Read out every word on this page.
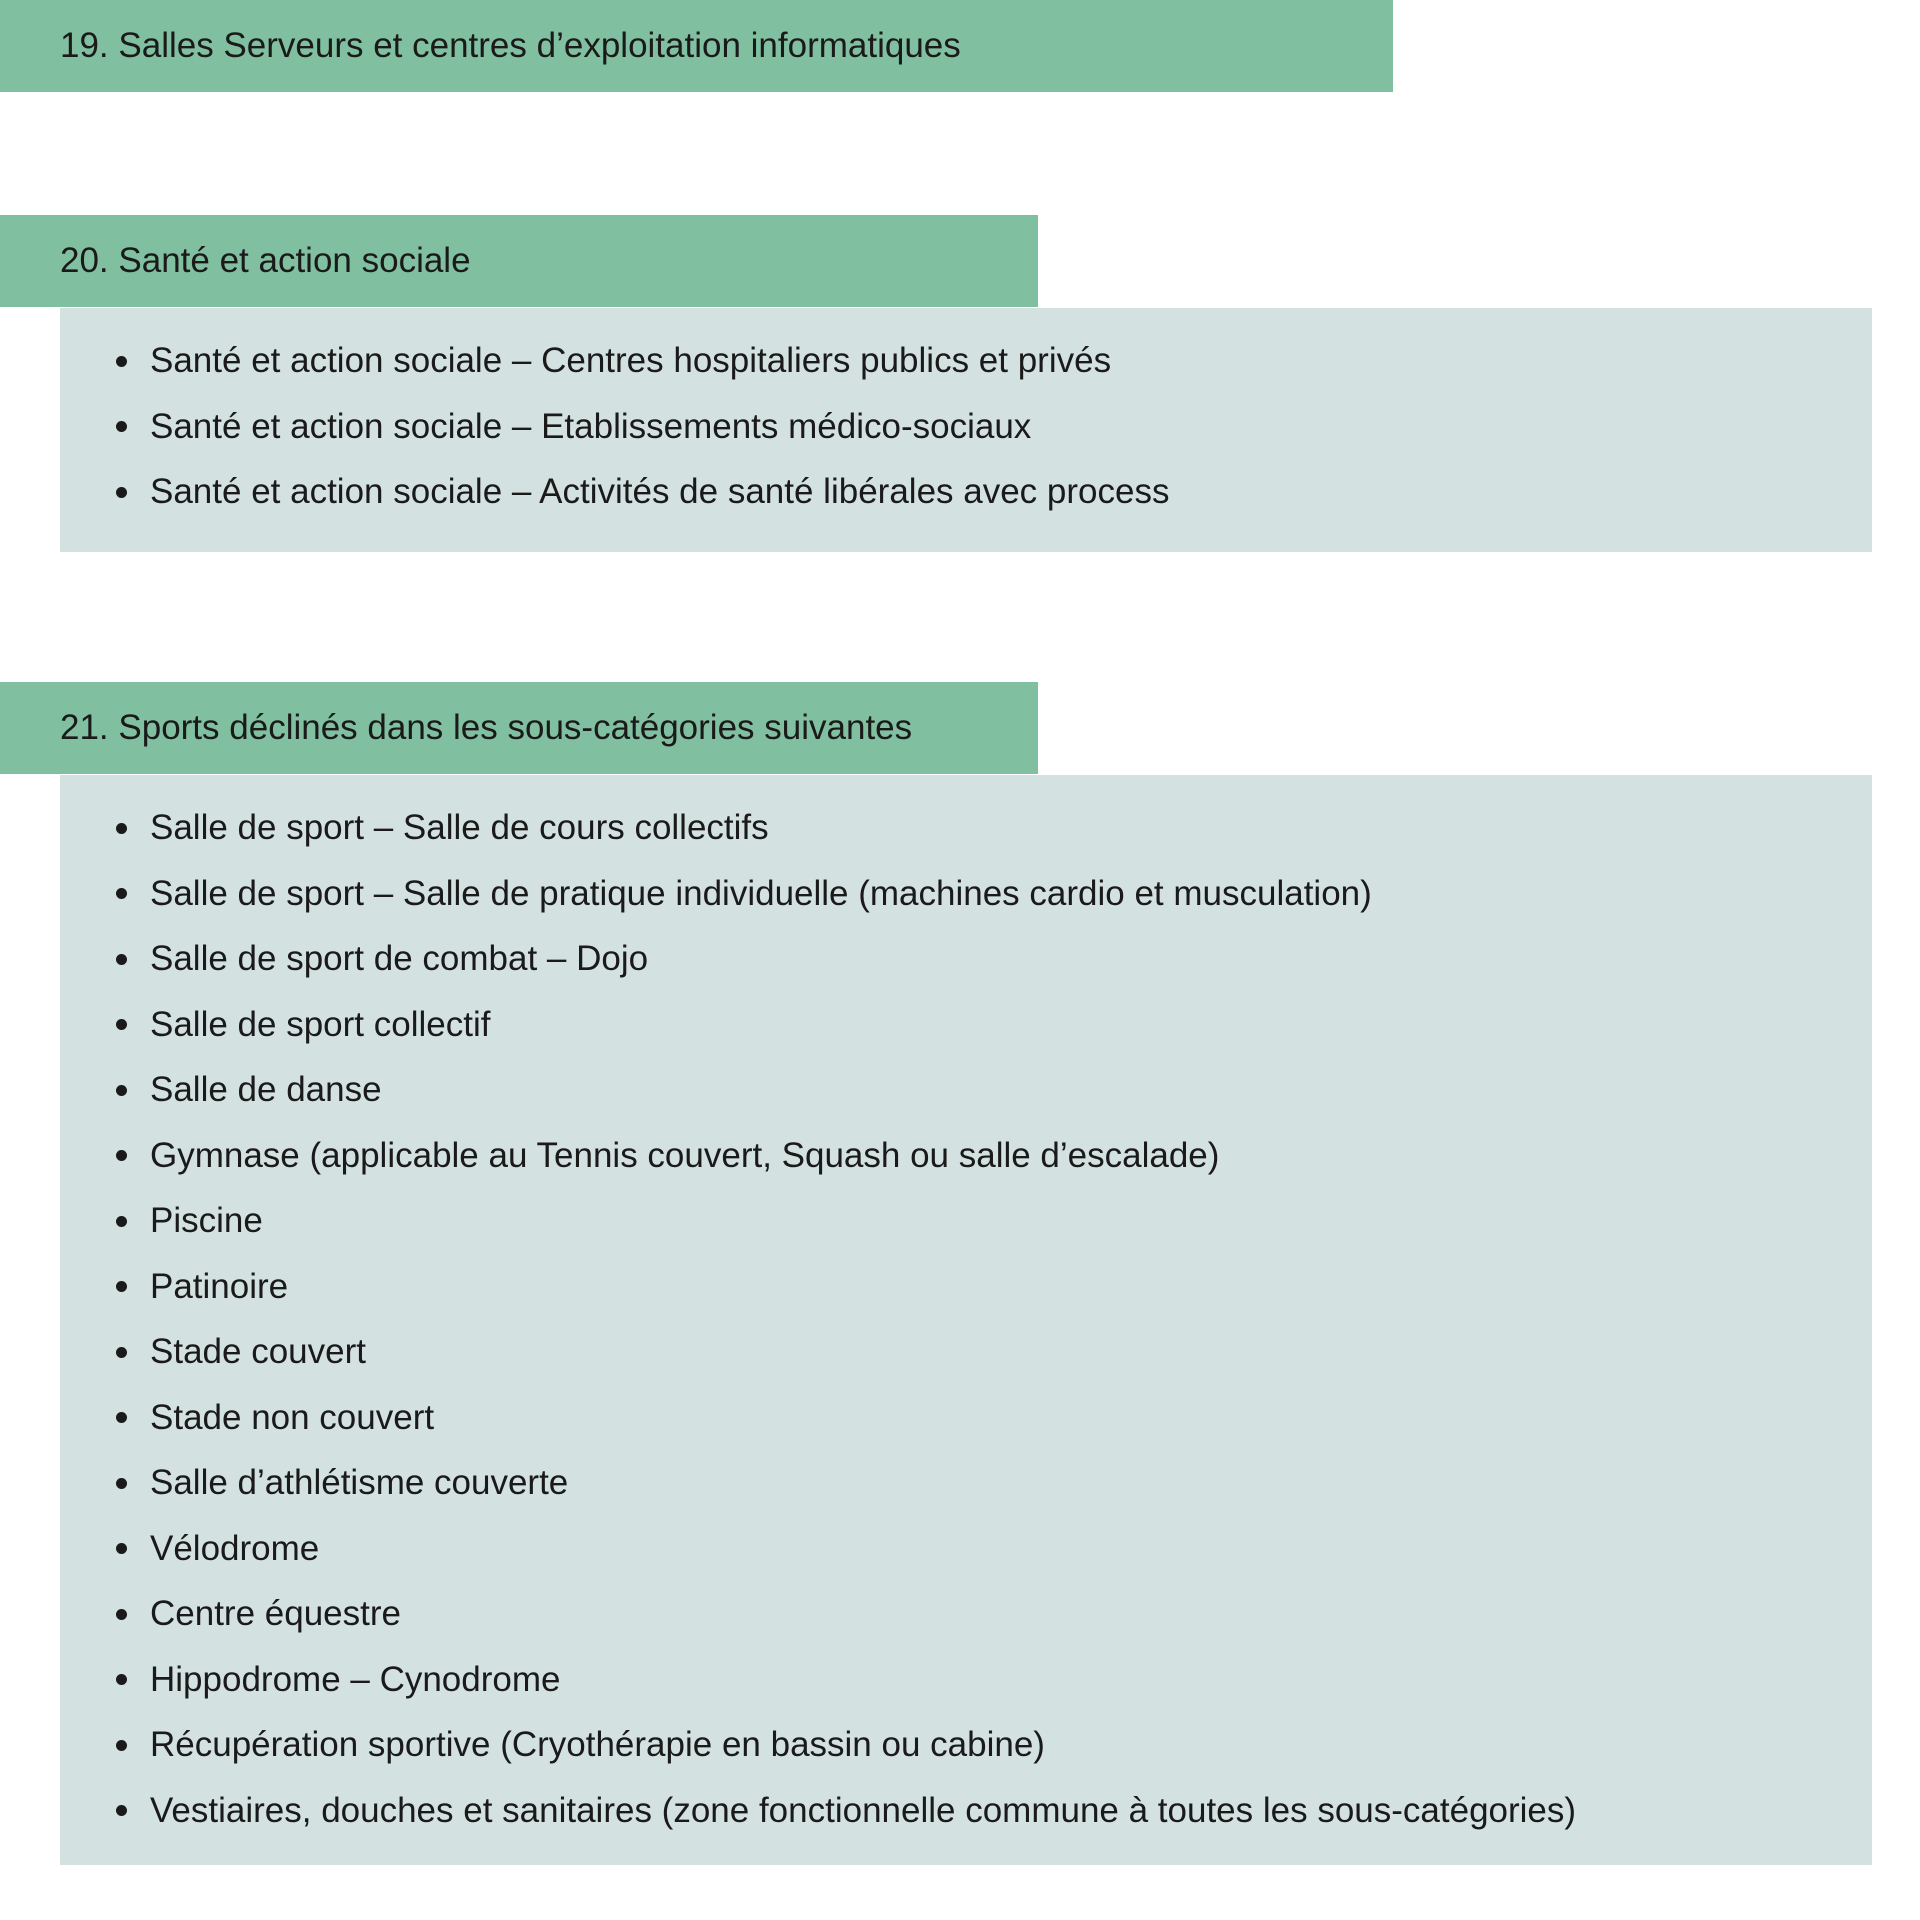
19. Salles Serveurs et centres d’exploitation informatiques
20. Santé et action sociale
Santé et action sociale – Centres hospitaliers publics et privés
Santé et action sociale – Etablissements médico-sociaux
Santé et action sociale – Activités de santé libérales avec process
21. Sports déclinés dans les sous-catégories suivantes
Salle de sport – Salle de cours collectifs
Salle de sport – Salle de pratique individuelle (machines cardio et musculation)
Salle de sport de combat – Dojo
Salle de sport collectif
Salle de danse
Gymnase (applicable au Tennis couvert, Squash ou salle d’escalade)
Piscine
Patinoire
Stade couvert
Stade non couvert
Salle d’athlétisme couverte
Vélodrome
Centre équestre
Hippodrome – Cynodrome
Récupération sportive (Cryothérapie en bassin ou cabine)
Vestiaires, douches et sanitaires (zone fonctionnelle commune à toutes les sous-catégories)
